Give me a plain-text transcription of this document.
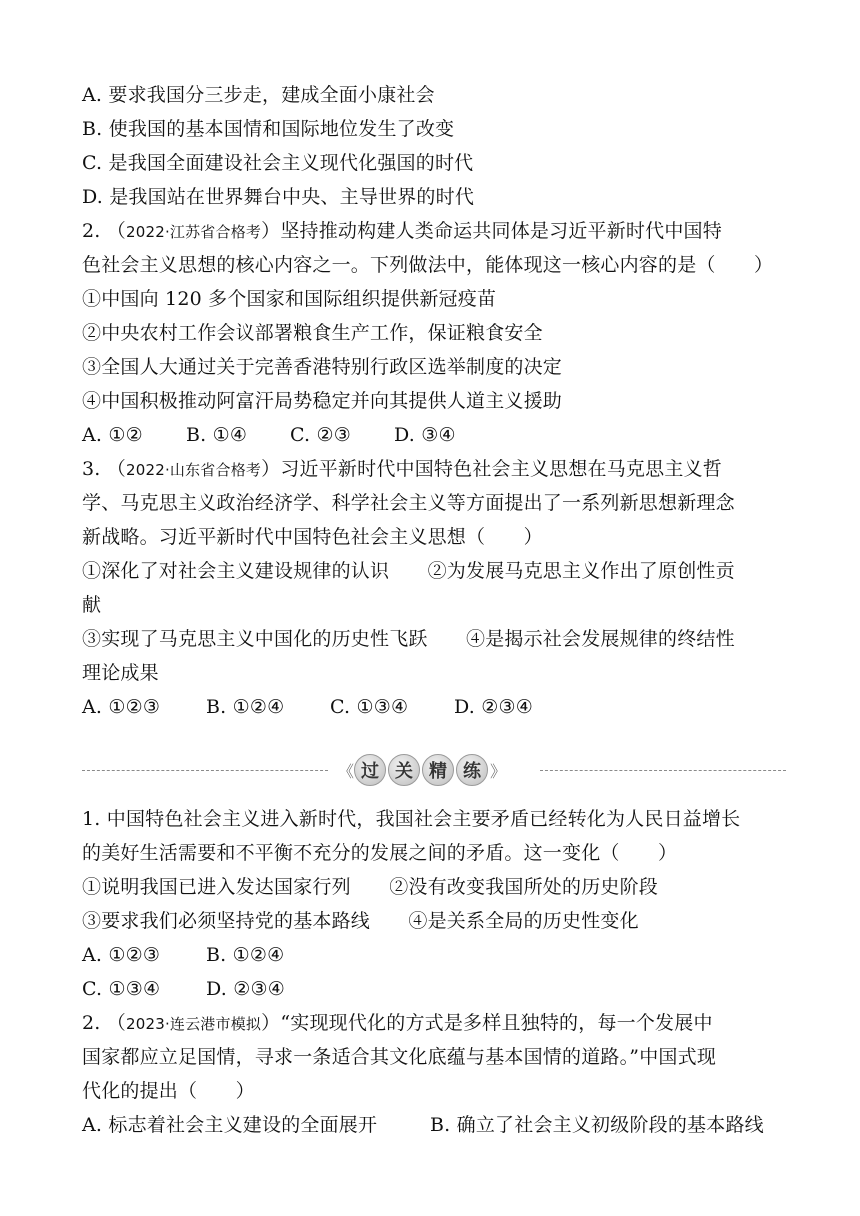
A. 要求我国分三步走，建成全面小康社会
B. 使我国的基本国情和国际地位发生了改变
C. 是我国全面建设社会主义现代化强国的时代
D. 是我国站在世界舞台中央、主导世界的时代
2. （2022·江苏省合格考）坚持推动构建人类命运共同体是习近平新时代中国特
色社会主义思想的核心内容之一。下列做法中，能体现这一核心内容的是（　　）
①中国向 120 多个国家和国际组织提供新冠疫苗
②中央农村工作会议部署粮食生产工作，保证粮食安全
③全国人大通过关于完善香港特别行政区选举制度的决定
④中国积极推动阿富汗局势稳定并向其提供人道主义援助
A. ①② B. ①④ C. ②③ D. ③④
3. （2022·山东省合格考）习近平新时代中国特色社会主义思想在马克思主义哲
学、马克思主义政治经济学、科学社会主义等方面提出了一系列新思想新理念
新战略。习近平新时代中国特色社会主义思想（　　）
①深化了对社会主义建设规律的认识　　②为发展马克思主义作出了原创性贡
献
③实现了马克思主义中国化的历史性飞跃　　④是揭示社会发展规律的终结性
理论成果
A. ①②③ B. ①②④ C. ①③④ D. ②③④
《 过 关 精 练 》
1. 中国特色社会主义进入新时代，我国社会主要矛盾已经转化为人民日益增长
的美好生活需要和不平衡不充分的发展之间的矛盾。这一变化（　　）
①说明我国已进入发达国家行列　　②没有改变我国所处的历史阶段
③要求我们必须坚持党的基本路线　　④是关系全局的历史性变化
A. ①②③ B. ①②④
C. ①③④ D. ②③④
2. （2023·连云港市模拟）“实现现代化的方式是多样且独特的，每一个发展中
国家都应立足国情，寻求一条适合其文化底蕴与基本国情的道路。”中国式现
代化的提出（　　）
A. 标志着社会主义建设的全面展开	B. 确立了社会主义初级阶段的基本路线
